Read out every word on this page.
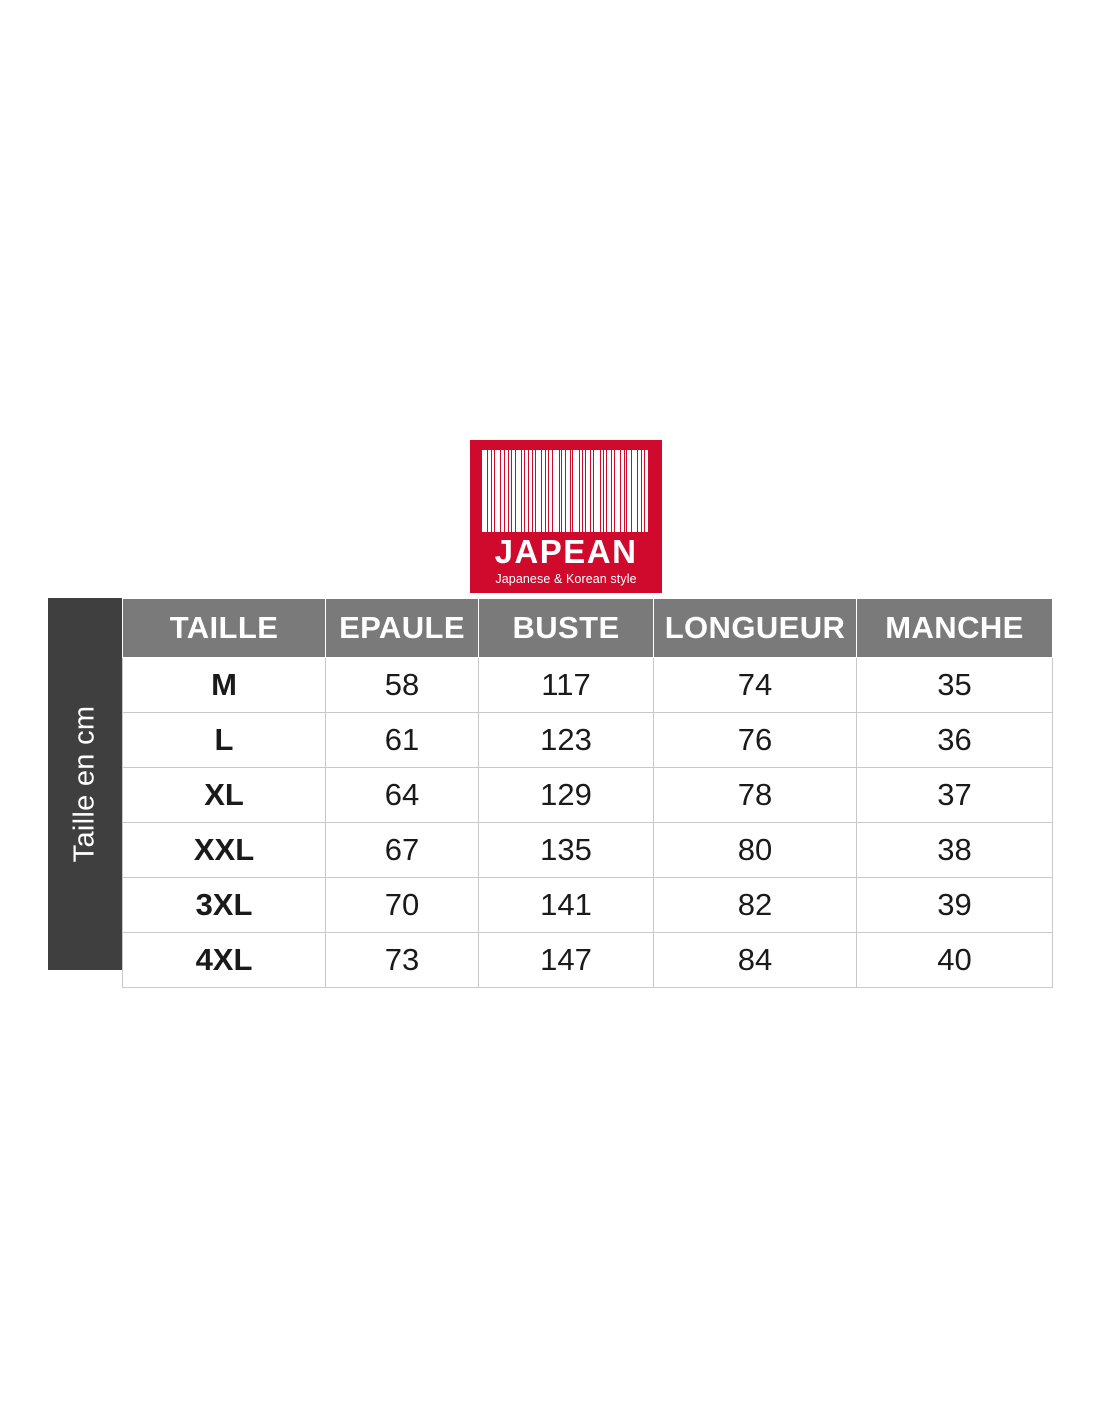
JAPEAN
Japanese & Korean style
Taille en cm
TAILLE	EPAULE	BUSTE	LONGUEUR	MANCHE
M	58	117	74	35
L	61	123	76	36
XL	64	129	78	37
XXL	67	135	80	38
3XL	70	141	82	39
4XL	73	147	84	40
